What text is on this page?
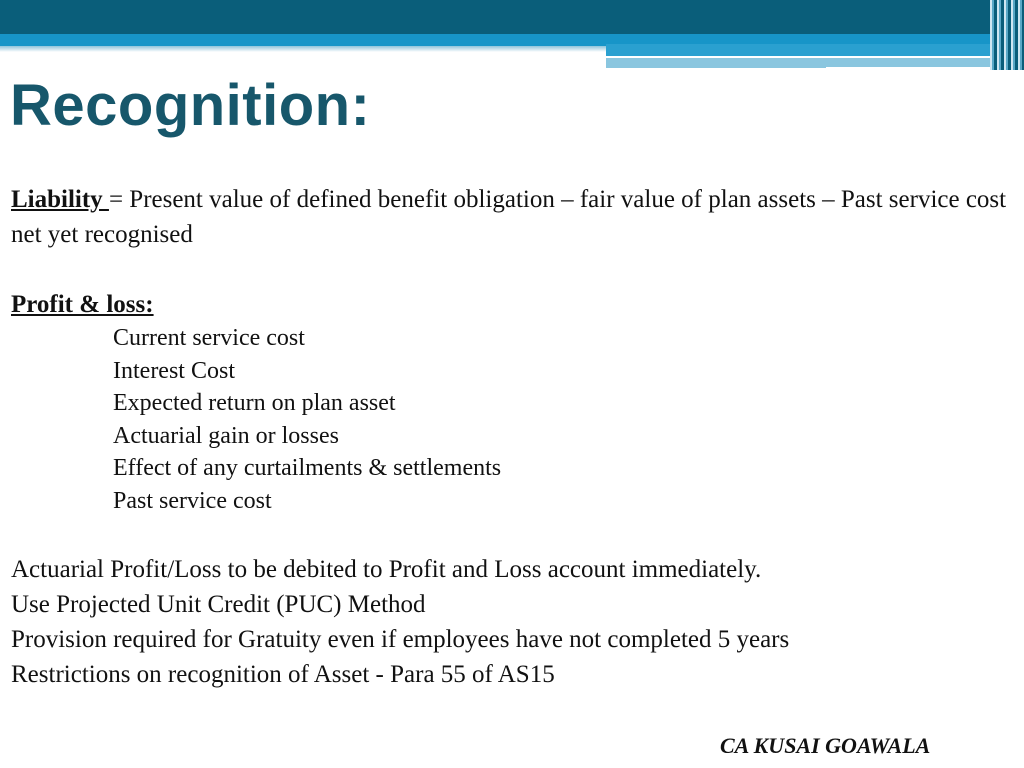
Recognition:

Liability = Present value of defined benefit obligation – fair value of plan assets – Past service cost net yet recognised

Profit & loss:

Current service cost
Interest Cost
Expected return on plan asset
Actuarial gain or losses
Effect of any curtailments & settlements
Past service cost
Actuarial Profit/Loss to be debited to Profit and Loss account immediately.
Use Projected Unit Credit (PUC) Method
Provision required for Gratuity even if employees have not completed 5 years
Restrictions on recognition of Asset - Para 55 of AS15
CA KUSAI GOAWALA
